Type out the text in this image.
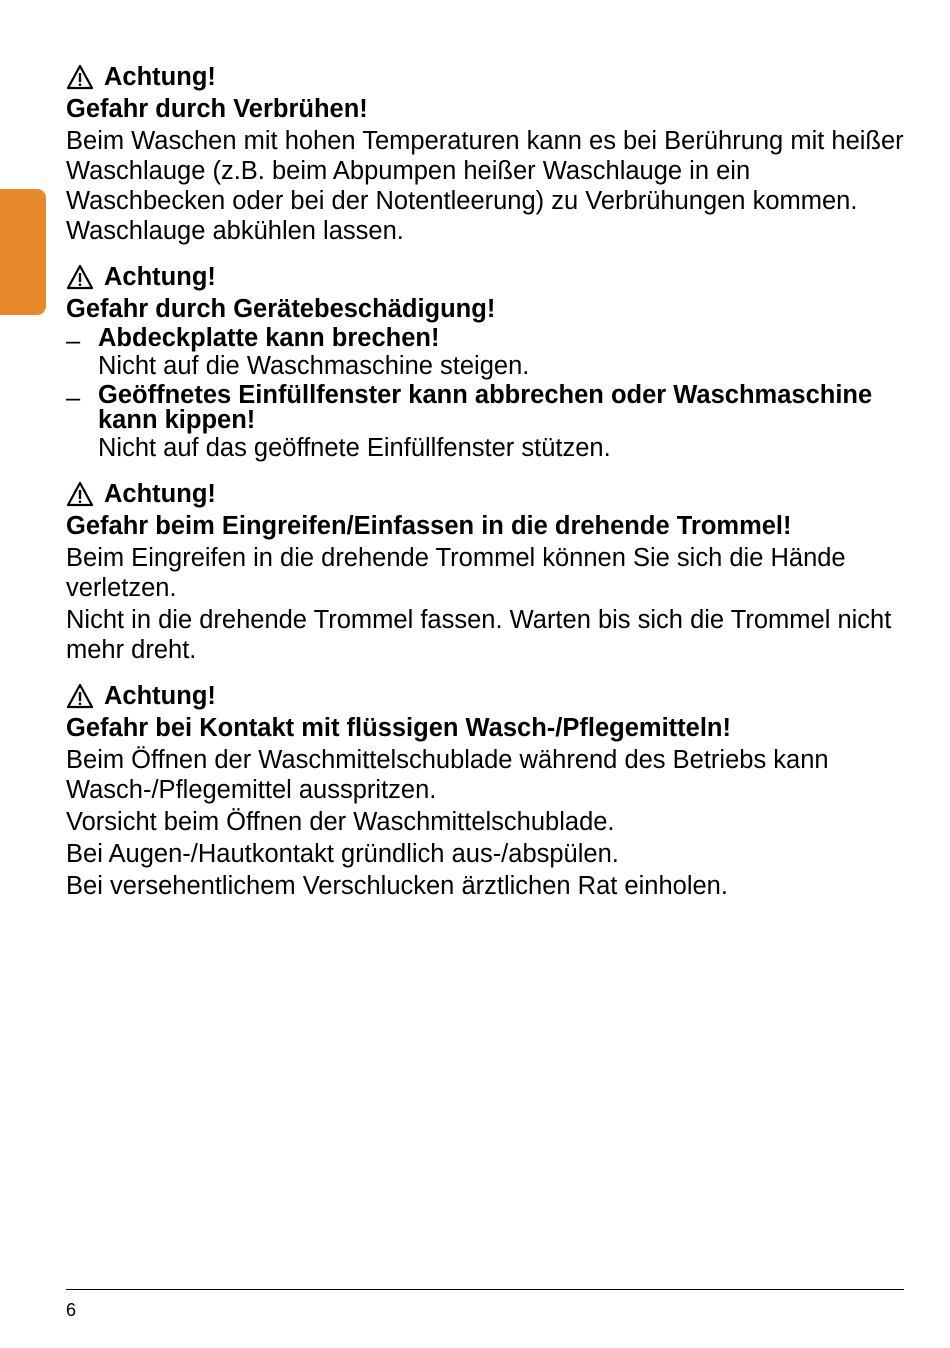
Achtung!

Gefahr durch Verbrühen!

Beim Waschen mit hohen Temperaturen kann es bei Berührung mit heißer Waschlauge (z.B. beim Abpumpen heißer Waschlauge in ein Waschbecken oder bei der Notentleerung) zu Verbrühungen kommen. Waschlauge abkühlen lassen.

Achtung!

Gefahr durch Gerätebeschädigung!

– Abdeckplatte kann brechen!
Nicht auf die Waschmaschine steigen.
– Geöffnetes Einfüllfenster kann abbrechen oder Waschmaschine kann kippen!
Nicht auf das geöffnete Einfüllfenster stützen.
Achtung!

Gefahr beim Eingreifen/Einfassen in die drehende Trommel!

Beim Eingreifen in die drehende Trommel können Sie sich die Hände verletzen.

Nicht in die drehende Trommel fassen. Warten bis sich die Trommel nicht mehr dreht.

Achtung!

Gefahr bei Kontakt mit flüssigen Wasch-/Pflegemitteln!

Beim Öffnen der Waschmittelschublade während des Betriebs kann Wasch-/Pflegemittel ausspritzen.

Vorsicht beim Öffnen der Waschmittelschublade.

Bei Augen-/Hautkontakt gründlich aus-/abspülen.

Bei versehentlichem Verschlucken ärztlichen Rat einholen.

6
